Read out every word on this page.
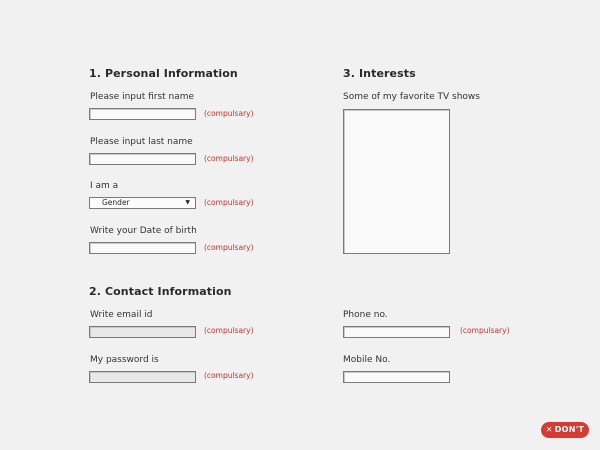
1. Personal Information
Please input first name
(compulsary)
Please input last name
(compulsary)
I am a
Gender	▼ (compulsary)
Write your Date of birth
(compulsary)
3. Interests
Some of my favorite TV shows
2. Contact Information
Write email id
(compulsary)
My password is
(compulsary)
Phone no.
(compulsary)
Mobile No.
✕ DON'T
